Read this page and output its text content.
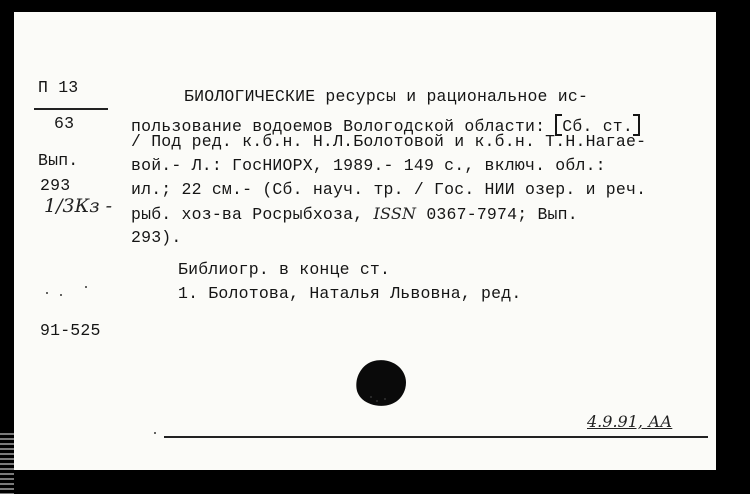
П 13
63
Вып.
293
1/3Кз -
91-525
БИОЛОГИЧЕСКИЕ ресурсы и рациональное ис-
пользование водоемов Вологодской области: Сб. ст.
/ Под ред. к.б.н. Н.Л.Болотовой и к.б.н. Т.Н.Нагае-
вой.- Л.: ГосНИОРХ, 1989.- 149 с., включ. обл.:
ил.; 22 см.- (Сб. науч. тр. / Гос. НИИ озер. и реч.
рыб. хоз-ва Росрыбхоза, ISSN 0367-7974; Вып.
293).
Библиогр. в конце ст.
1. Болотова, Наталья Львовна, ред.
4.9.91, АА
